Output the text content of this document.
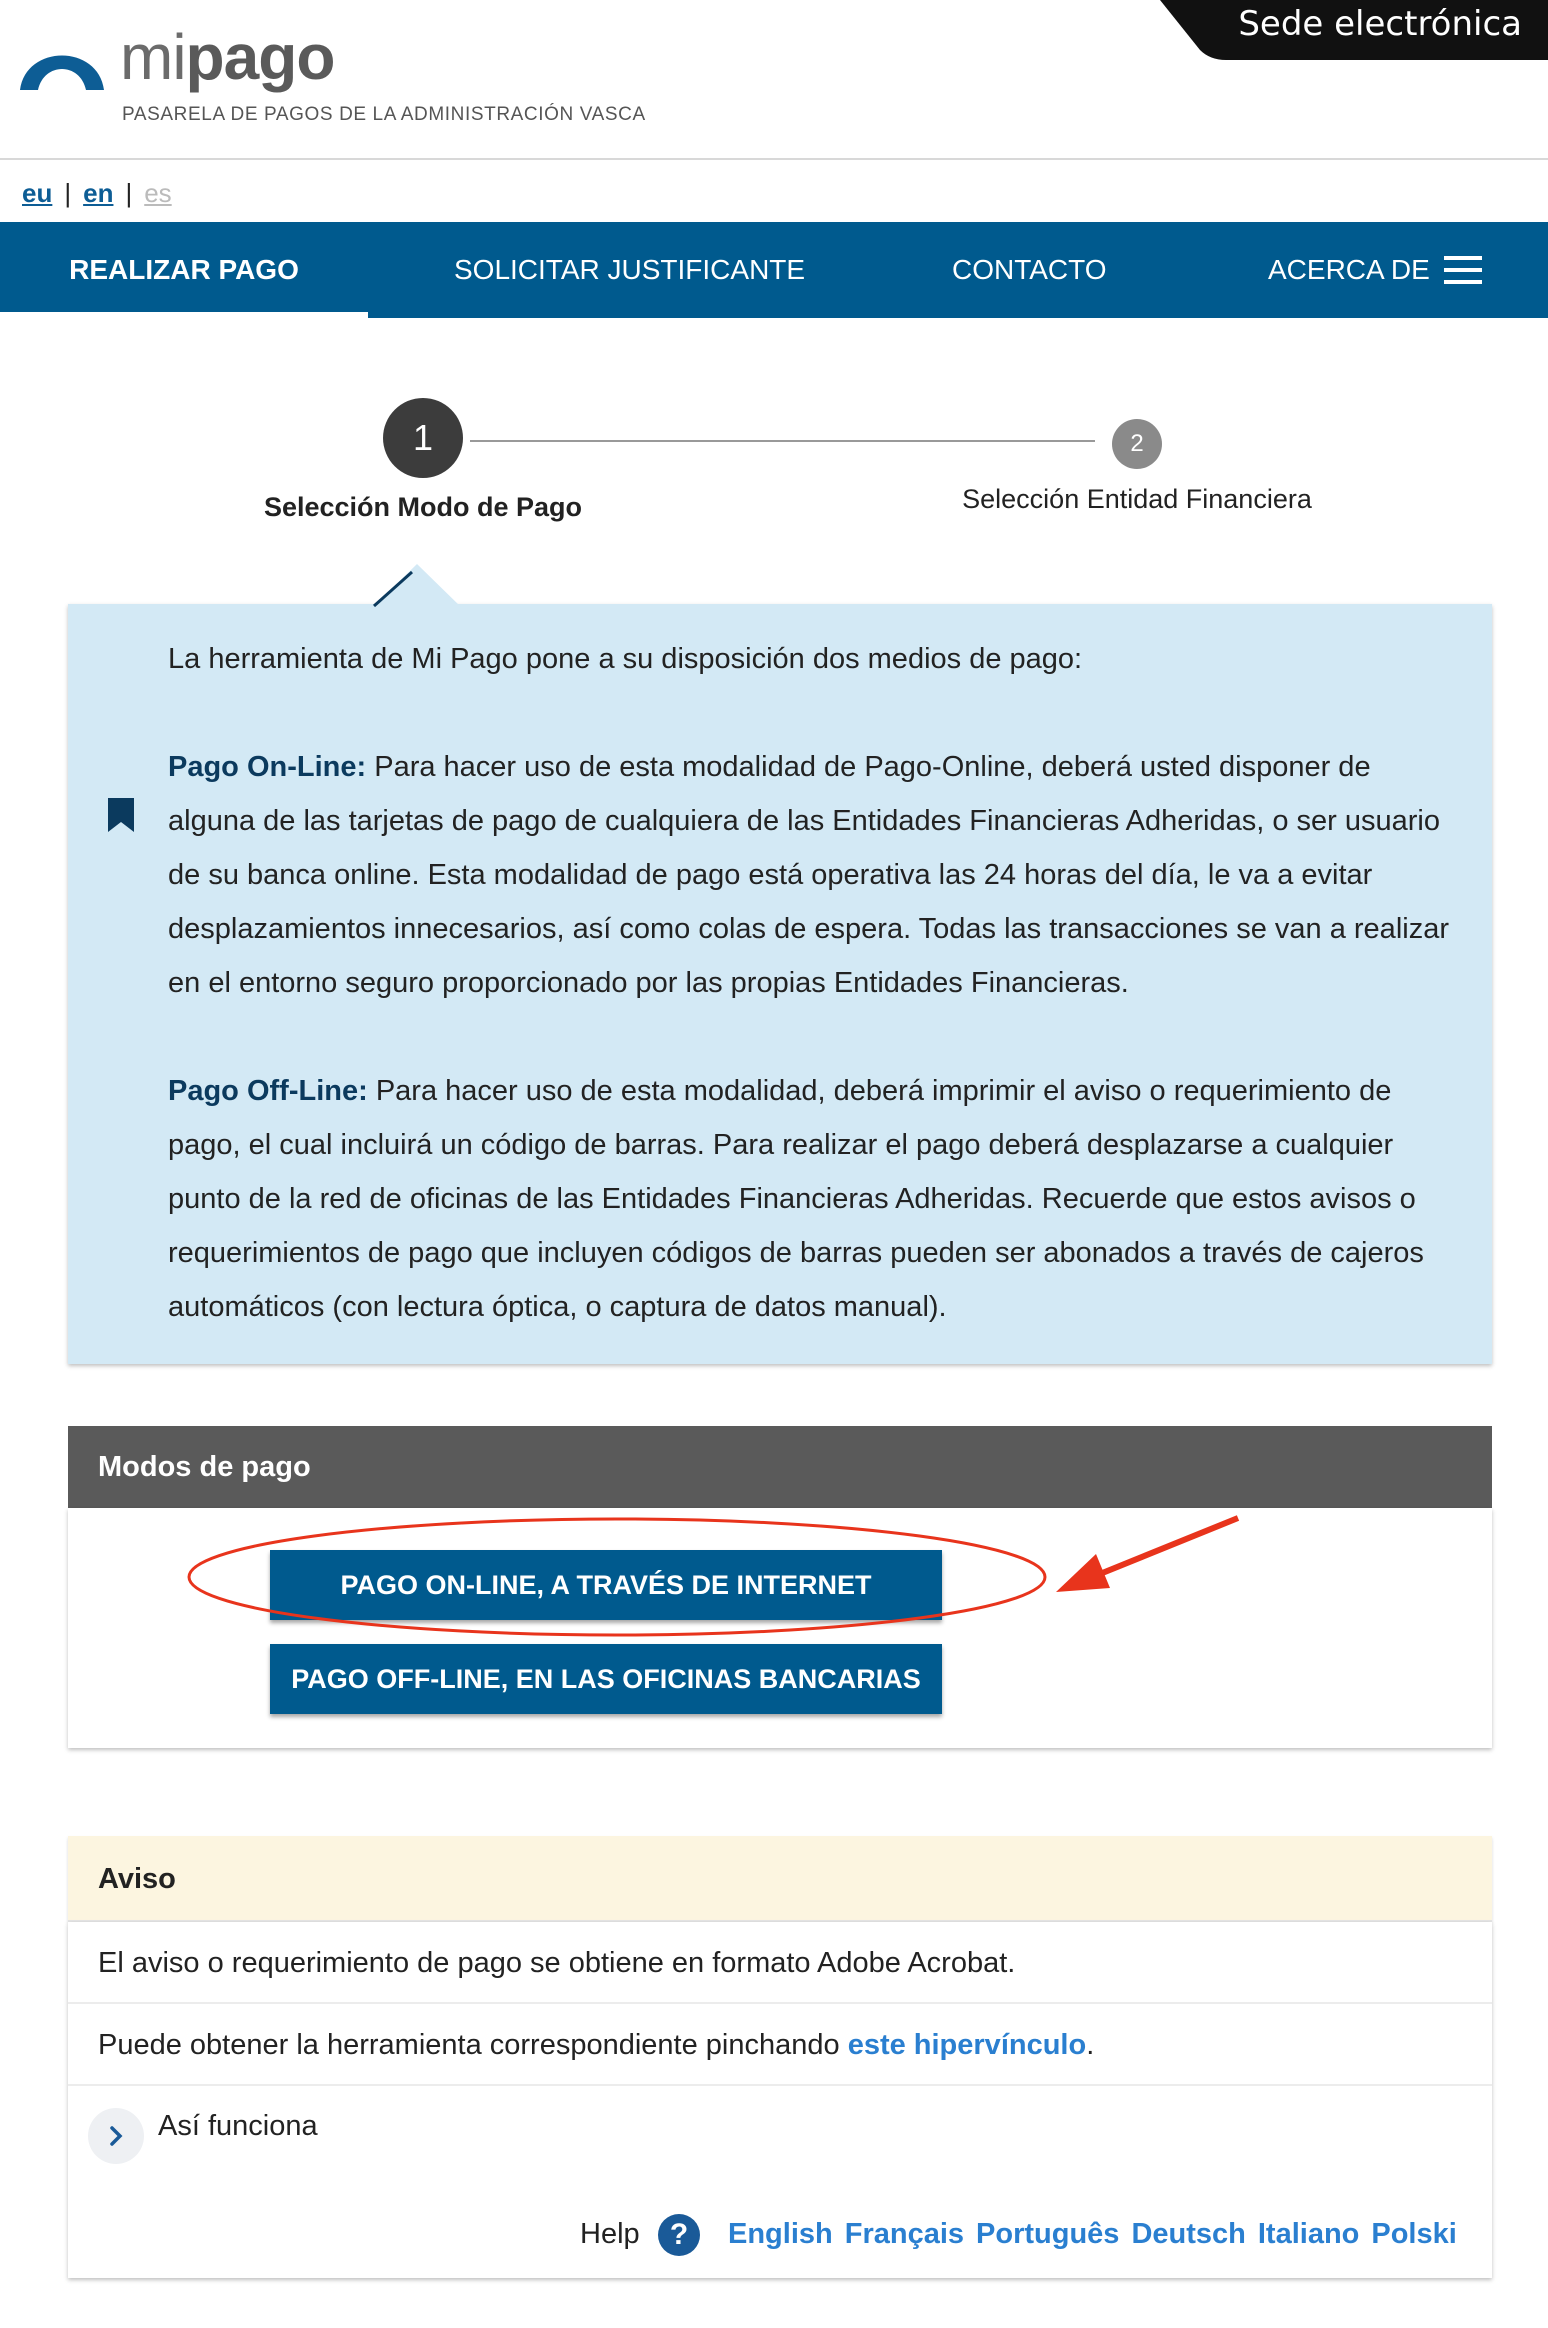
mipago
PASARELA DE PAGOS DE LA ADMINISTRACIÓN VASCA
Sede electrónica
eu | en | es
REALIZAR PAGO	SOLICITAR JUSTIFICANTE	CONTACTO	ACERCA DE
1	2
Selección Modo de Pago	Selección Entidad Financiera

La herramienta de Mi Pago pone a su disposición dos medios de pago:

Pago On-Line: Para hacer uso de esta modalidad de Pago-Online, deberá usted disponer de alguna de las tarjetas de pago de cualquiera de las Entidades Financieras Adheridas, o ser usuario de su banca online. Esta modalidad de pago está operativa las 24 horas del día, le va a evitar desplazamientos innecesarios, así como colas de espera. Todas las transacciones se van a realizar en el entorno seguro proporcionado por las propias Entidades Financieras.

Pago Off-Line: Para hacer uso de esta modalidad, deberá imprimir el aviso o requerimiento de pago, el cual incluirá un código de barras. Para realizar el pago deberá desplazarse a cualquier punto de la red de oficinas de las Entidades Financieras Adheridas. Recuerde que estos avisos o requerimientos de pago que incluyen códigos de barras pueden ser abonados a través de cajeros automáticos (con lectura óptica, o captura de datos manual).

Modos de pago
PAGO ON-LINE, A TRAVÉS DE INTERNET
PAGO OFF-LINE, EN LAS OFICINAS BANCARIAS
Aviso
El aviso o requerimiento de pago se obtiene en formato Adobe Acrobat.
Puede obtener la herramienta correspondiente pinchando este hipervínculo.
Así funciona
Help	?	English Français Português Deutsch Italiano Polski
